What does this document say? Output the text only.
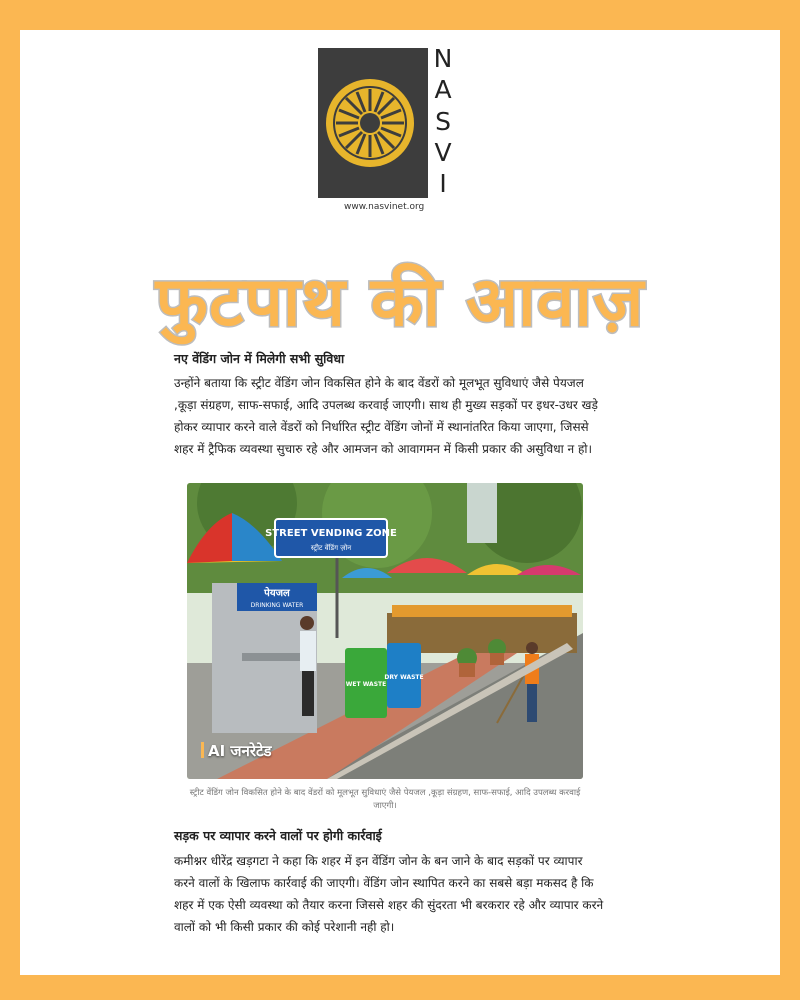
N
A
S
V
I
www.nasvinet.org
फुटपाथ की आवाज़
नए वेंडिंग जोन में मिलेगी सभी सुविधा

उन्होंने बताया कि स्ट्रीट वेंडिंग जोन विकसित होने के बाद वेंडरों को मूलभूत सुविधाएं जैसे पेयजल ,कूड़ा संग्रहण, साफ-सफाई, आदि उपलब्ध करवाई जाएगी। साथ ही मुख्य सड़कों पर इधर-उधर खड़े होकर व्यापार करने वाले वेंडरों को निर्धारित स्ट्रीट वेंडिंग जोनों में स्थानांतरित किया जाएगा, जिससे शहर में ट्रैफिक व्यवस्था सुचारु रहे और आमजन को आवागमन में किसी प्रकार की असुविधा न हो।

STREET VENDING ZONE
स्ट्रीट वेंडिंग ज़ोन
पेयजल
DRINKING WATER
WET WASTE
DRY WASTE
AI जनरेटेड
स्ट्रीट वेंडिंग जोन विकसित होने के बाद वेंडरों को मूलभूत सुविधाएं जैसे पेयजल ,कूड़ा संग्रहण, साफ-सफाई, आदि उपलब्ध करवाई जाएगी।
सड़क पर व्यापार करने वालों पर होगी कार्रवाई

कमीश्नर धीरेंद्र खड़गटा ने कहा कि शहर में इन वेंडिंग जोन के बन जाने के बाद सड़कों पर व्यापार करने वालों के खिलाफ कार्रवाई की जाएगी। वेंडिंग जोन स्थापित करने का सबसे बड़ा मकसद है कि शहर में एक ऐसी व्यवस्था को तैयार करना जिससे शहर की सुंदरता भी बरकरार रहे और व्यापार करने वालों को भी किसी प्रकार की कोई परेशानी नही हो।
